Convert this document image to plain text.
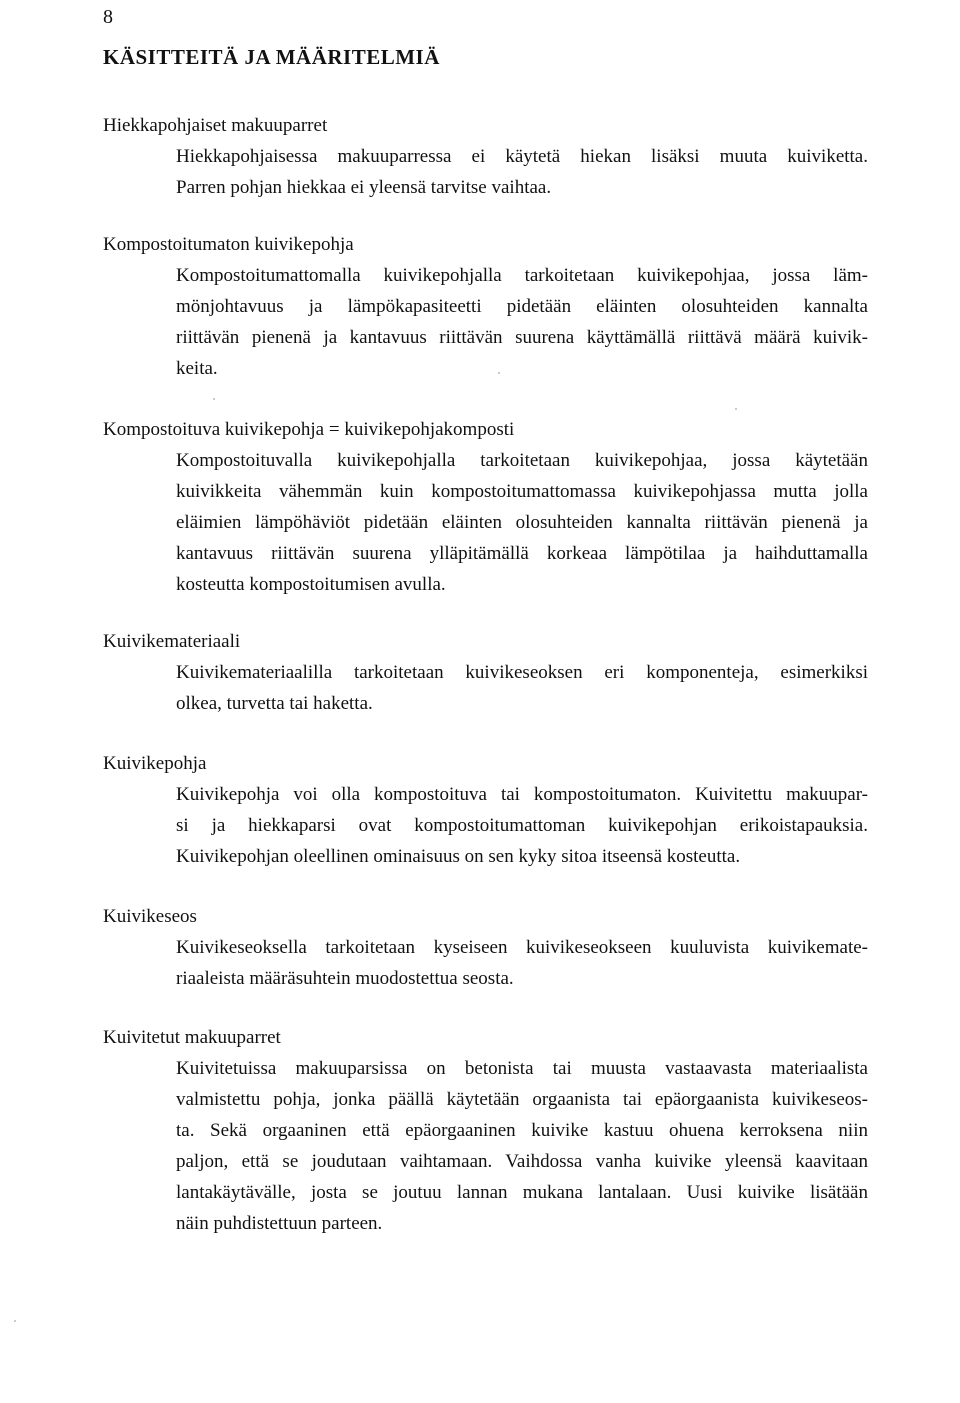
8
KÄSITTEITÄ JA MÄÄRITELMIÄ
Hiekkapohjaiset makuuparret
Hiekkapohjaisessa makuuparressa ei käytetä hiekan lisäksi muuta kuiviketta.
Parren pohjan hiekkaa ei yleensä tarvitse vaihtaa.
Kompostoitumaton kuivikepohja
Kompostoitumattomalla kuivikepohjalla tarkoitetaan kuivikepohjaa, jossa läm-
mönjohtavuus ja lämpökapasiteetti pidetään eläinten olosuhteiden kannalta
riittävän pienenä ja kantavuus riittävän suurena käyttämällä riittävä määrä kuivik-
keita.
Kompostoituva kuivikepohja = kuivikepohjakomposti
Kompostoituvalla kuivikepohjalla tarkoitetaan kuivikepohjaa, jossa käytetään
kuivikkeita vähemmän kuin kompostoitumattomassa kuivikepohjassa mutta jolla
eläimien lämpöhäviöt pidetään eläinten olosuhteiden kannalta riittävän pienenä ja
kantavuus riittävän suurena ylläpitämällä korkeaa lämpötilaa ja haihduttamalla
kosteutta kompostoitumisen avulla.
Kuivikemateriaali
Kuivikemateriaalilla tarkoitetaan kuivikeseoksen eri komponenteja, esimerkiksi
olkea, turvetta tai haketta.
Kuivikepohja
Kuivikepohja voi olla kompostoituva tai kompostoitumaton. Kuivitettu makuupar-
si ja hiekkaparsi ovat kompostoitumattoman kuivikepohjan erikoistapauksia.
Kuivikepohjan oleellinen ominaisuus on sen kyky sitoa itseensä kosteutta.
Kuivikeseos
Kuivikeseoksella tarkoitetaan kyseiseen kuivikeseokseen kuuluvista kuivikemate-
riaaleista määräsuhtein muodostettua seosta.
Kuivitetut makuuparret
Kuivitetuissa makuuparsissa on betonista tai muusta vastaavasta materiaalista
valmistettu pohja, jonka päällä käytetään orgaanista tai epäorgaanista kuivikeseos-
ta. Sekä orgaaninen että epäorgaaninen kuivike kastuu ohuena kerroksena niin
paljon, että se joudutaan vaihtamaan. Vaihdossa vanha kuivike yleensä kaavitaan
lantakäytävälle, josta se joutuu lannan mukana lantalaan. Uusi kuivike lisätään
näin puhdistettuun parteen.
